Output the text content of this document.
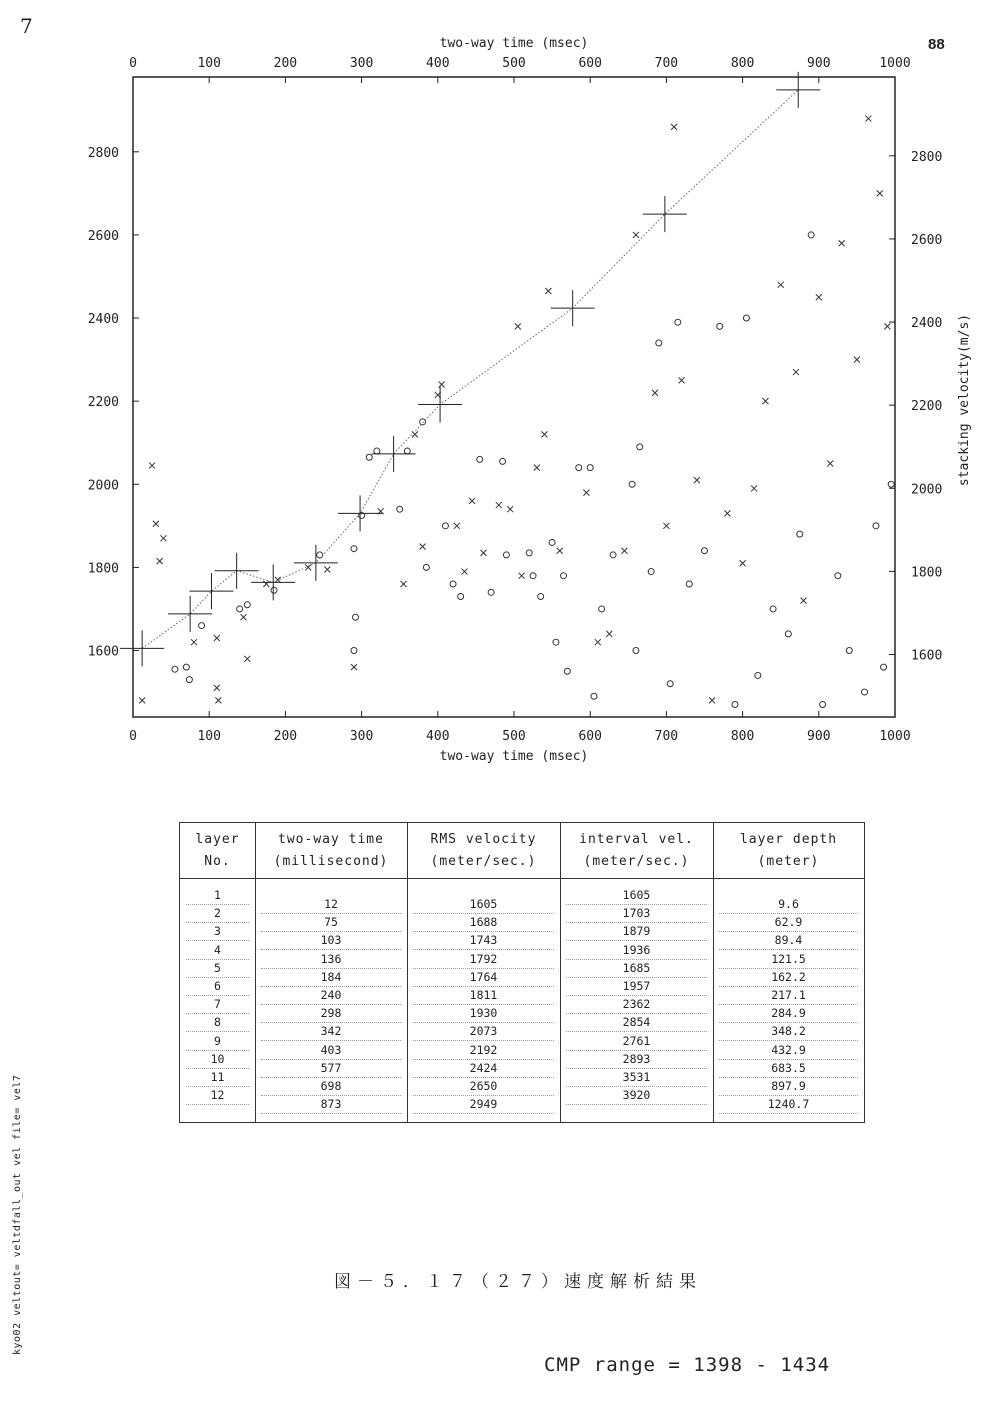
7
88
kyo02 veltout= veltdfall_out vel file= vel7
0
0
100
100
200
200
300
300
400
400
500
500
600
600
700
700
800
800
900
900
1000
1000
1600
1800
2000
2200
2400
2600
2800
1600
1800
2000
2200
2400
2600
2800
two-way time (msec)
two-way time (msec)
stacking velocity(m/s)
layer
No.
two-way time
(millisecond)
RMS velocity
(meter/sec.)
interval vel.
(meter/sec.)
layer depth
(meter)
1
2
3
4
5
6
7
8
9
10
11
12
12
75
103
136
184
240
298
342
403
577
698
873
1605
1688
1743
1792
1764
1811
1930
2073
2192
2424
2650
2949
1605
1703
1879
1936
1685
1957
2362
2854
2761
2893
3531
3920
9.6
62.9
89.4
121.5
162.2
217.1
284.9
348.2
432.9
683.5
897.9
1240.7
図－５．１７（２７）速度解析結果
CMP range = 1398 - 1434
